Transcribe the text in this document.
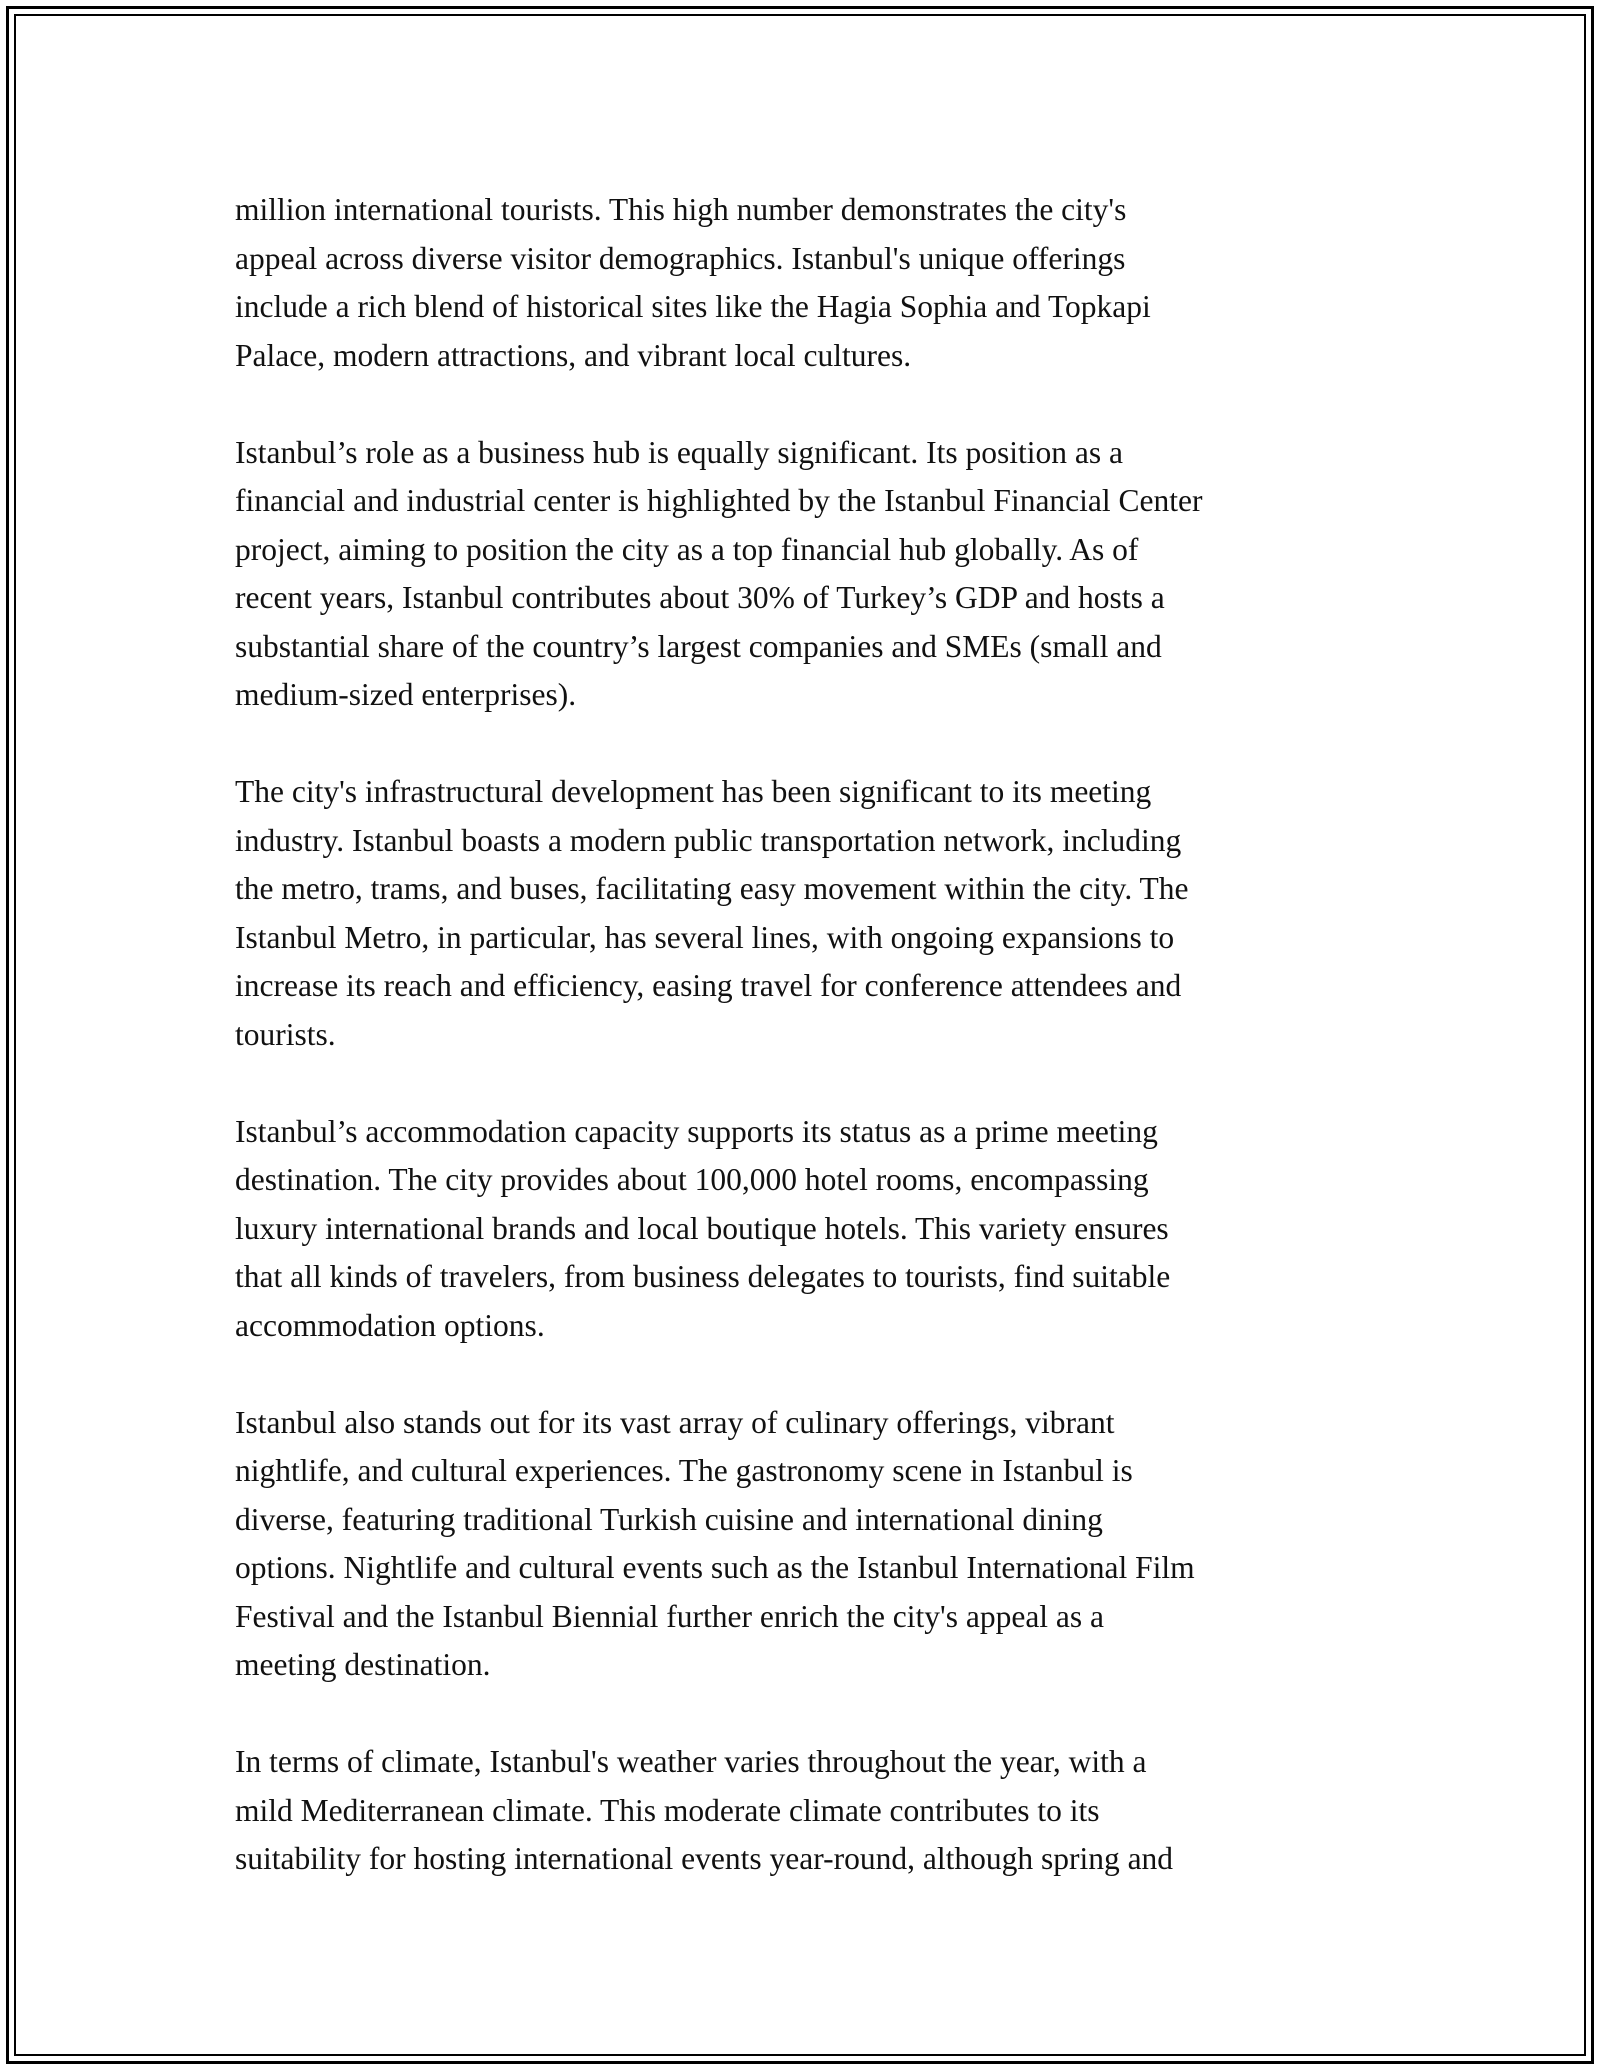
million international tourists. This high number demonstrates the city's
appeal across diverse visitor demographics. Istanbul's unique offerings
include a rich blend of historical sites like the Hagia Sophia and Topkapi
Palace, modern attractions, and vibrant local cultures.

Istanbul’s role as a business hub is equally significant. Its position as a
financial and industrial center is highlighted by the Istanbul Financial Center
project, aiming to position the city as a top financial hub globally. As of
recent years, Istanbul contributes about 30% of Turkey’s GDP and hosts a
substantial share of the country’s largest companies and SMEs (small and
medium-sized enterprises).

The city's infrastructural development has been significant to its meeting
industry. Istanbul boasts a modern public transportation network, including
the metro, trams, and buses, facilitating easy movement within the city. The
Istanbul Metro, in particular, has several lines, with ongoing expansions to
increase its reach and efficiency, easing travel for conference attendees and
tourists.

Istanbul’s accommodation capacity supports its status as a prime meeting
destination. The city provides about 100,000 hotel rooms, encompassing
luxury international brands and local boutique hotels. This variety ensures
that all kinds of travelers, from business delegates to tourists, find suitable
accommodation options.

Istanbul also stands out for its vast array of culinary offerings, vibrant
nightlife, and cultural experiences. The gastronomy scene in Istanbul is
diverse, featuring traditional Turkish cuisine and international dining
options. Nightlife and cultural events such as the Istanbul International Film
Festival and the Istanbul Biennial further enrich the city's appeal as a
meeting destination.

In terms of climate, Istanbul's weather varies throughout the year, with a
mild Mediterranean climate. This moderate climate contributes to its
suitability for hosting international events year-round, although spring and
